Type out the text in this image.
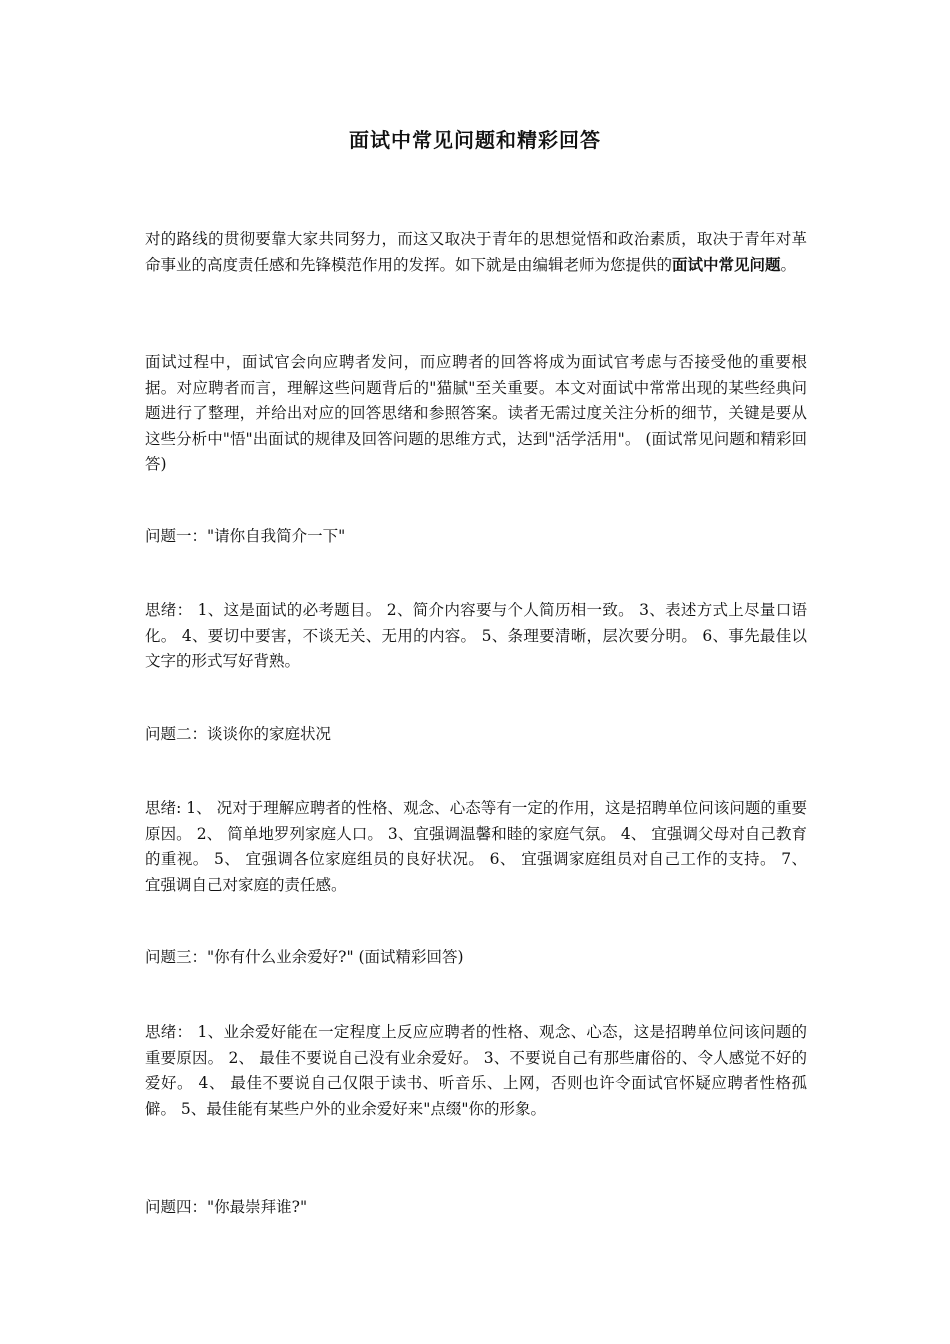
面试中常见问题和精彩回答

对的路线的贯彻要靠大家共同努力，而这又取决于青年的思想觉悟和政治素质，取决于青年对革命事业的高度责任感和先锋模范作用的发挥。如下就是由编辑老师为您提供的面试中常见问题。

面试过程中，面试官会向应聘者发问，而应聘者的回答将成为面试官考虑与否接受他的重要根据。对应聘者而言，理解这些问题背后的"猫腻"至关重要。本文对面试中常常出现的某些经典问题进行了整理，并给出对应的回答思绪和参照答案。读者无需过度关注分析的细节，关键是要从这些分析中"悟"出面试的规律及回答问题的思维方式，达到"活学活用"。 (面试常见问题和精彩回答)

问题一："请你自我简介一下"

思绪： 1、这是面试的必考题目。 2、简介内容要与个人简历相一致。 3、表述方式上尽量口语化。 4、要切中要害，不谈无关、无用的内容。 5、条理要清晰，层次要分明。 6、事先最佳以文字的形式写好背熟。

问题二：谈谈你的家庭状况

思绪: 1、 况对于理解应聘者的性格、观念、心态等有一定的作用，这是招聘单位问该问题的重要原因。 2、 简单地罗列家庭人口。 3、宜强调温馨和睦的家庭气氛。 4、 宜强调父母对自己教育的重视。 5、 宜强调各位家庭组员的良好状况。 6、 宜强调家庭组员对自己工作的支持。 7、 宜强调自己对家庭的责任感。

问题三："你有什么业余爱好?" (面试精彩回答)

思绪： 1、业余爱好能在一定程度上反应应聘者的性格、观念、心态，这是招聘单位问该问题的重要原因。 2、 最佳不要说自己没有业余爱好。 3、不要说自己有那些庸俗的、令人感觉不好的爱好。 4、 最佳不要说自己仅限于读书、听音乐、上网，否则也许令面试官怀疑应聘者性格孤僻。 5、最佳能有某些户外的业余爱好来"点缀"你的形象。

问题四："你最崇拜谁?"
